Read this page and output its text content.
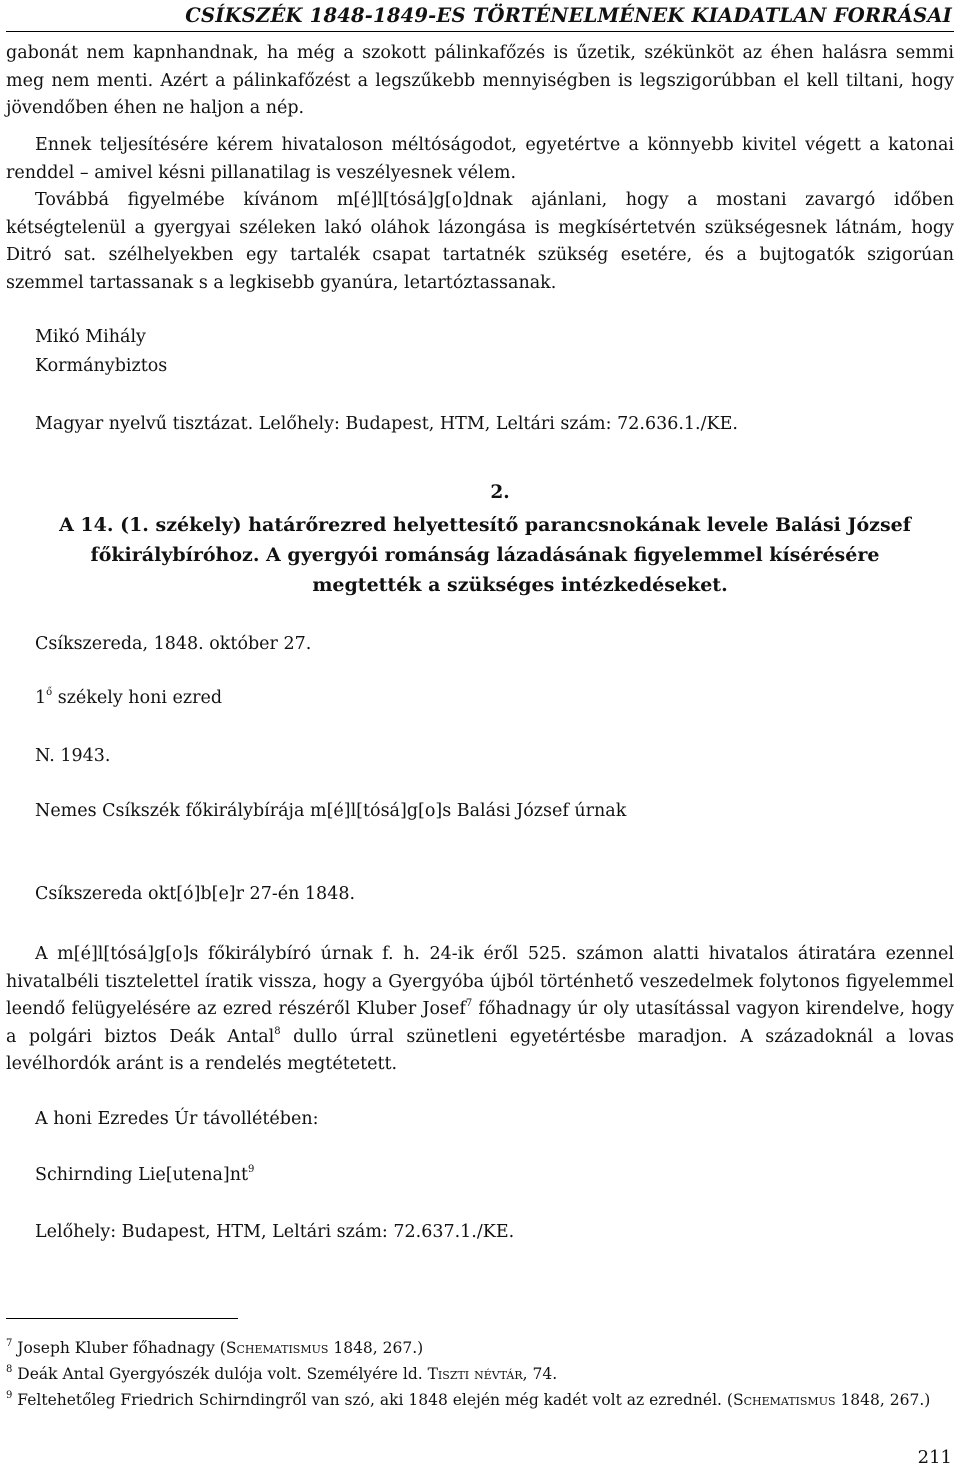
CSÍKSZÉK 1848-1849-ES TÖRTÉNELMÉNEK KIADATLAN FORRÁSAI
gabonát nem kapnhandnak, ha még a szokott pálinkafőzés is űzetik, székünköt az éhen halásra semmi meg nem menti. Azért a pálinkafőzést a legszűkebb mennyiségben is legszigorúbban el kell tiltani, hogy jövendőben éhen ne haljon a nép.
Ennek teljesítésére kérem hivataloson méltóságodot, egyetértve a könnyebb kivitel végett a katonai renddel – amivel késni pillanatilag is veszélyesnek vélem.
Továbbá figyelmébe kívánom m[é]l[tósá]g[o]dnak ajánlani, hogy a mostani zavargó időben kétségtelenül a gyergyai széleken lakó oláhok lázongása is megkísértetvén szükségesnek látnám, hogy Ditró sat. szélhelyekben egy tartalék csapat tartatnék szükség esetére, és a bujtogatók szigorúan szemmel tartassanak s a legkisebb gyanúra, letartóztassanak.
Mikó Mihály
Kormánybiztos
Magyar nyelvű tisztázat. Lelőhely: Budapest, HTM, Leltári szám: 72.636.1./KE.
2.
A 14. (1. székely) határőrezred helyettesítő parancsnokának levele Balási József
főkirálybíróhoz. A gyergyói románság lázadásának figyelemmel kísérésére
megtették a szükséges intézkedéseket.
Csíkszereda, 1848. október 27.
$1^ő$ székely honi ezred
N. 1943.
Nemes Csíkszék főkirálybírája m[é]l[tósá]g[o]s Balási József úrnak
Csíkszereda okt[ó]b[e]r 27-én 1848.
A m[é]l[tósá]g[o]s főkirálybíró úrnak f. h. 24-ik éről 525. számon alatti hivatalos átiratára ezennel hivatalbéli tisztelettel íratik vissza, hogy a Gyergyóba újból történhető veszedelmek folytonos figyelemmel leendő felügyelésére az ezred részéről Kluber Josef$^7$ főhadnagy úr oly utasítással vagyon kirendelve, hogy a polgári biztos Deák Antal$^8$ dullo úrral szünetleni egyetértésbe maradjon. A századoknál a lovas levélhordók aránt is a rendelés megtétetett.
A honi Ezredes Úr távollétében:
Schirnding $Lie[utena]nt^9$
Lelőhely: Budapest, HTM, Leltári szám: 72.637.1./KE.
$^7$ Joseph Kluber főhadnagy (Schematismus 1848, 267.)
$^8$ Deák Antal Gyergyószék dulója volt. Személyére ld. Tiszti névtár, 74.
$^9$ Feltehetőleg Friedrich Schirndingről van szó, aki 1848 elején még kadét volt az ezrednél. (Schematismus 1848, 267.)
211
